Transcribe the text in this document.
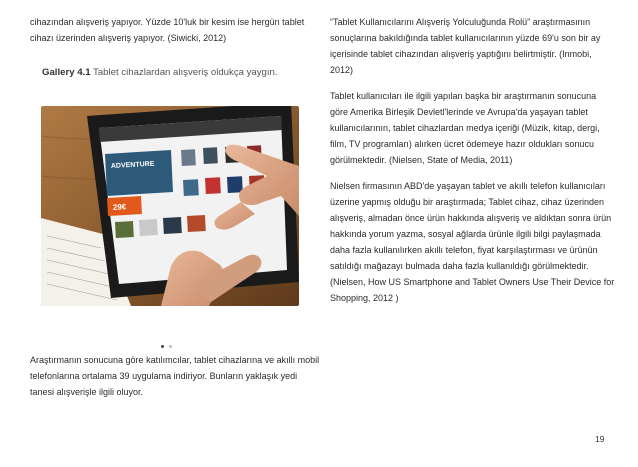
cihazından alışveriş yapıyor. Yüzde 10'luk bir kesim ise hergün tablet cihazı üzerinden alışveriş yapıyor. (Siwicki, 2012)

Gallery 4.1 Tablet cihazlardan alışveriş oldukça yaygın.
ADVENTURE
29€

Araştırmanın sonucuna göre katılımcılar, tablet cihazlarına ve akıllı mobil telefonlarına ortalama 39 uygulama indiriyor. Bunların yaklaşık yedi tanesi alışverişle ilgili oluyor.

“Tablet Kullanıcılarını Alışveriş Yolculuğunda Rolü” araştırmasının sonuçlarına bakıldığında tablet kullanıcılarının yüzde 69'u son bir ay içerisinde tablet cihazından alışveriş yaptığını belirtmiştir. (Inmobi, 2012)

Tablet kullanıcıları ile ilgili yapılan başka bir araştırmanın sonucuna göre Amerika Birleşik Devletl'lerinde ve Avrupa'da yaşayan tablet kullanıcılarının, tablet cihazlardan medya içeriği (Müzik, kitap, dergi, film, TV programları) alırken ücret ödemeye hazır oldukları sonucu görülmektedir. (Nielsen, State of Media, 2011)

Nielsen firmasının ABD'de yaşayan tablet ve akıllı telefon kullanıcıları üzerine yapmış olduğu bir araştırmada; Tablet cihaz, cihaz üzerinden alışveriş, almadan önce ürün hakkında alışveriş ve aldıktan sonra ürün hakkında yorum yazma, sosyal ağlarda ürünle ilgili bilgi paylaşmada daha fazla kullanılırken akıllı telefon, fiyat karşılaştırması ve ürünün satıldığı mağazayı bulmada daha fazla kullanıldığı görülmektedir. (Nielsen, How US Smartphone and Tablet Owners Use Their Device for Shopping, 2012 )

19
